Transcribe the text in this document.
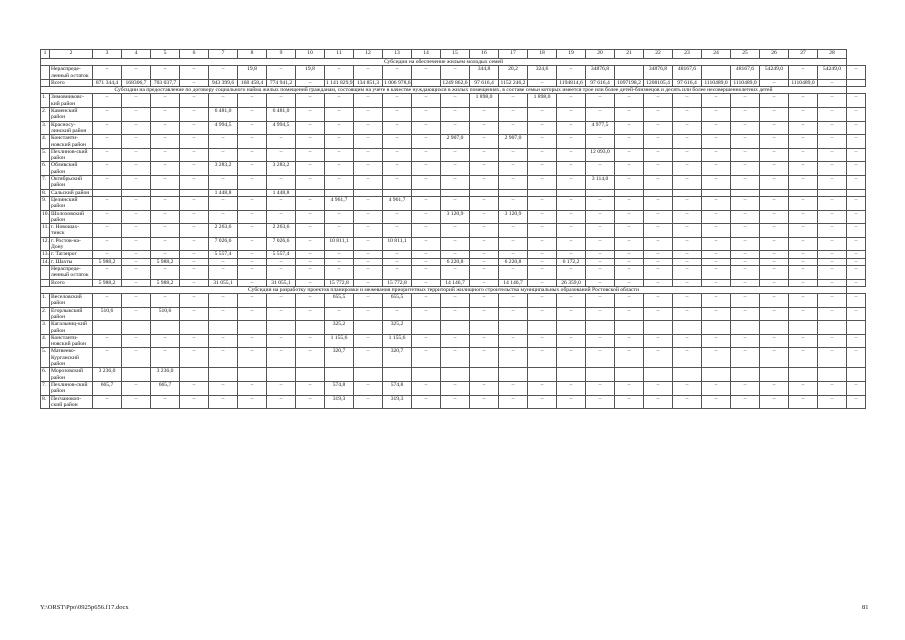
1	2	3	4	5	6	7	8	9	10	11	12	13	14	15	16	17	18	19	20	21	22	23	24	25	26	27	28	
Субсидии на обеспечение жильем молодых семей																												
	Нераспреде-ленный остаток	–	–	–	–	–	19,8	–	19,8	–	–	–	–	–	344,8	20,2	324,6	–	34876,8		34876,8	48167,6		48167,6	54249,0	–	54249,0	–
	Всего	871 344,4	168306,7	703 037,7	–	943 399,6	168 458,4	774 941,2	–	1 141 829,9	134 851,3	1 006 978,6		1249 862,6	97 616,4	1152 246,2	–	1194814,6	97 616,4	1097198,2	1208105,4	97 616,4	1110489,0	1110489,0	–	1110489,0	–	
Субсидии на предоставление по договору социального найма жилых помещений гражданам, состоящим на учете в качестве нуждающихся в жилых помещениях, в составе семьи которых имеется трое или более детей-близнецов и десять или более несовершеннолетних детей																												
1.	Зимовниковс-кий район	–	–	–	–	–	–	–	–	–	–	–	–	–	1 898,0	–	1 898,0	–	–	–	–	–	–	–	–	–	–	–
2.	Каменский район	–	–	–	–	6 481,0	–	6 481,0	–	–	–	–	–	–	–	–	–	–	–	–	–	–	–	–	–	–	–	–
3.	Красносу-линский район	–	–	–	–	4 994,5	–	4 994,5	–	–	–	–	–	–	–	–	–	–	4 977,5	–	–	–	–	–	–	–	–	–
4.	Константи-новский район	–	–	–	–	–	–	–	–	–	–	–	–	2 907,0	–	2 907,0	–	–	–	–	–	–	–	–	–	–	–	–
5.	Пехлинов-ский район	–	–	–	–	–	–	–	–	–	–	–	–	–	–	–	–	–	12 093,0	–	–	–	–	–	–	–	–	–
6.	Обливский район	–	–	–	–	3 283,2	–	3 283,2	–	–	–	–	–	–	–	–	–	–	–	–	–	–	–	–	–	–	–	–
7.	Октябрьский район	–	–	–	–	–	–	–	–	–	–	–	–	–	–	–	–	–	3 114,0	–	–	–	–	–	–	–	–	–
8.	Сальский район					1 448,8		1 448,8																				
9.	Целинский район	–	–	–	–	–	–	–	–	4 961,7	–	4 961,7	–	–	–	–	–	–	–	–	–	–	–	–	–	–	–	–
10.	Шолоховский район	–	–	–	–	–	–	–	–	–	–	–	–	3 120,9	–	3 120,9	–	–	–	–	–	–	–	–	–	–	–	–
11.	г. Новошах-тинск	–	–	–	–	2 263,6	–	2 263,6	–	–	–	–	–	–	–	–	–	–	–	–	–	–	–	–	–	–	–	–
12.	г. Ростов-на-Дону	–	–	–	–	7 026,6	–	7 026,6	–	10 811,1	–	10 811,1	–	–	–	–	–	–	–	–	–	–	–	–	–	–	–	–
13.	г. Таганрог	–	–	–	–	5 557,4	–	5 557,4	–	–	–	–	–	–	–	–	–	–	–	–	–	–	–	–	–	–	–	–
14.	г. Шахты	5 988,2	–	5 988,2	–	–	–	–	–	–	–	–	–	6 220,8	–	6 220,8	–	6 172,2	–	–	–	–	–	–	–	–	–	–
	Нераспреде-ленный остаток	–	–	–	–	–	–	–	–	–	–	–	–	–	–	–	–	–	–	–	–	–	–	–	–	–	–	–
	Всего	5 988,2	–	5 988,2	–	31 055,1	–	31 055,1	–	15 772,8	–	15 772,8	–	14 146,7	–	14 146,7	–	26 359,0	–	–	–	–	–	–	–	–	–	–
Субсидии на разработку проектов планировки и межевания приоритетных территорий жилищного строительства муниципальных образований Ростовской области																												
1.	Веселовский район	–	–	–	–	–	–	–	–	655,5	–	655,5	–	–	–	–	–	–	–	–	–	–	–	–	–	–	–	–
2.	Егорлыкский район	510,6	–	510,6	–	–	–	–	–	–	–	–	–	–	–	–	–	–	–	–	–	–	–	–	–	–	–	–
3.	Кагальниц-кий район									325,2		325,2																
4.	Константи-новский район	–	–	–	–	–	–	–	–	1 155,6	–	1 155,6	–	–	–	–	–	–	–	–	–	–	–	–	–	–	–	–
5.	Матвеево-Курганский район	–	–	–	–	–	–	–	–	320,7	–	320,7	–	–	–	–	–	–	–	–	–	–	–	–	–	–	–	–
6.	Морозовский район	3 236,0		3 236,0																								
7.	Пехлинов-ский район	665,7	–	665,7	–	–	–	–	–	574,8	–	574,8	–	–	–	–	–	–	–	–	–	–	–	–	–	–	–	–
8.	Песчанокоп-ский район	–	–	–	–	–	–	–	–	319,3	–	319,3	–	–	–	–	–	–	–	–	–	–	–	–	–	–	–	–
Y:\ORST\Ppo\0925p656.f17.docx	81
